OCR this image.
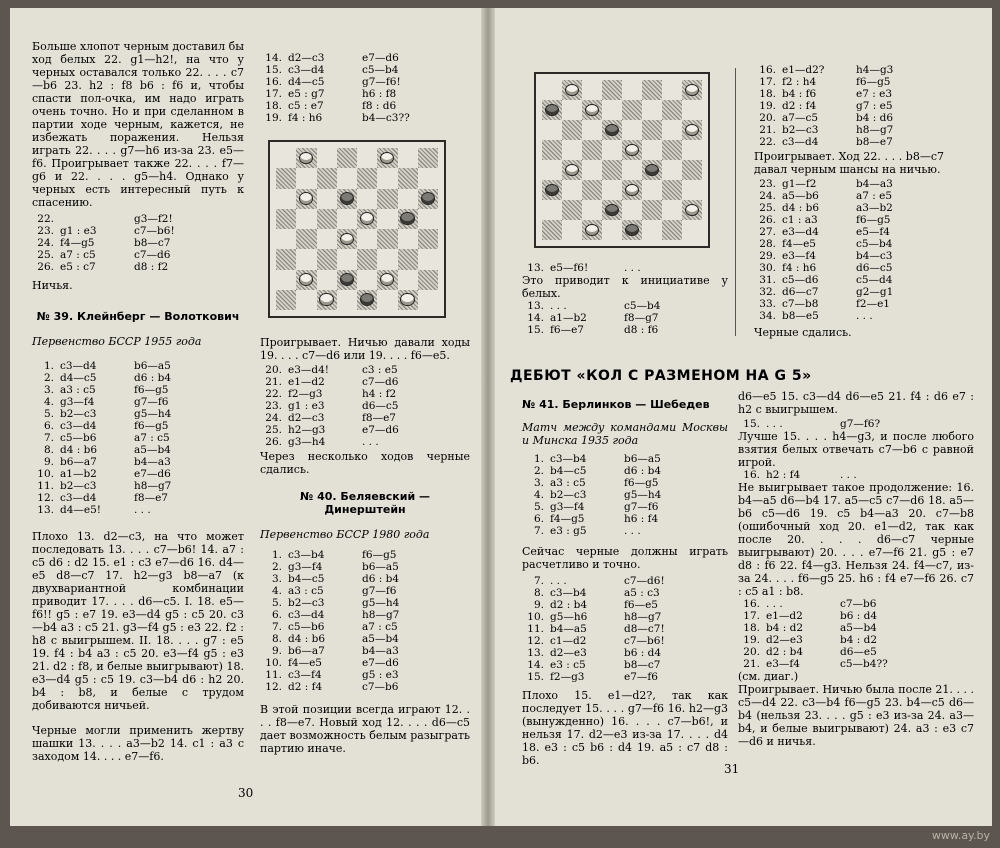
Больше хлопот черным доставил бы ход белых 22. g1—h2!, на что у черных оставался только 22. . . . c7—b6 23. h2 : f8 b6 : f6 и, чтобы спасти пол-очка, им надо играть очень точно. Но и при сделанном в партии ходе черным, кажется, не избежать поражения. Нельзя играть 22. . . . g7—h6 из-за 23. e5—f6. Проигрывает также 22. . . . f7—g6 и 22. . . . g5—h4. Однако у черных есть интересный путь к спасению.

22.	g3—f2!
23. g1 : e3	c7—b6!
24. f4—g5	b8—c7
25. a7 : c5	c7—d6
26. e5 : c7	d8 : f2

Ничья.

№ 39. Клейнберг — Волоткович

Первенство БССР 1955 года

1. c3—d4	b6—a5
2. d4—c5	d6 : b4
3. a3 : c5	f6—g5
4. g3—f4	g7—f6
5. b2—c3	g5—h4
6. c3—d4	f6—g5
7. c5—b6	a7 : c5
8. d4 : b6	a5—b4
9. b6—a7	b4—a3
10. a1—b2	e7—d6
11. b2—c3	h8—g7
12. c3—d4	f8—e7
13. d4—e5!	. . .

Плохо 13. d2—c3, на что может последовать 13. . . . c7—b6! 14. a7 : c5 d6 : d2 15. e1 : c3 e7—d6 16. d4—e5 d8—c7 17. h2—g3 b8—a7 (к двухвариантной комбинации приводит 17. . . . d6—c5. I. 18. e5—f6!! g5 : e7 19. e3—d4 g5 : c5 20. c3—b4 a3 : c5 21. g3—f4 g5 : e3 22. f2 : h8 с выигрышем. II. 18. . . . g7 : e5 19. f4 : b4 a3 : c5 20. e3—f4 g5 : e3 21. d2 : f8, и белые выигрывают) 18. e3—d4 g5 : c5 19. c3—b4 d6 : h2 20. b4 : b8, и белые с трудом добиваются ничьей.

Черные могли применить жертву шашки 13. . . . a3—b2 14. c1 : a3 с заходом 14. . . . e7—f6.

30
14. d2—c3	e7—d6
15. c3—d4	c5—b4
16. d4—c5	g7—f6!
17. e5 : g7	h6 : f8
18. c5 : e7	f8 : d6
19. f4 : h6	b4—c3??

Проигрывает. Ничью давали ходы 19. . . . c7—d6 или 19. . . . f6—e5.

20. e3—d4!	c3 : e5
21. e1—d2	c7—d6
22. f2—g3	h4 : f2
23. g1 : e3	d6—c5
24. d2—c3	f8—e7
25. h2—g3	e7—d6
26. g3—h4	. . .

Через несколько ходов черные сдались.

№ 40. Беляевский — Динерштейн

Первенство БССР 1980 года

1. c3—b4	f6—g5
2. g3—f4	b6—a5
3. b4—c5	d6 : b4
4. a3 : c5	g7—f6
5. b2—c3	g5—h4
6. c3—d4	h8—g7
7. c5—b6	a7 : c5
8. d4 : b6	a5—b4
9. b6—a7	b4—a3
10. f4—e5	e7—d6
11. c3—f4	g5 : e3
12. d2 : f4	c7—b6

В этой позиции всегда играют 12. . . . f8—e7. Новый ход 12. . . . d6—c5 дает возможность белым разыграть партию иначе.

13. e5—f6!	. . .

Это приводит к инициативе у белых.

13. . . .	c5—b4
14. a1—b2	f8—g7
15. f6—e7	d8 : f6

ДЕБЮТ «КОЛ С РАЗМЕНОМ НА G 5»

№ 41. Берлинков — Шебедев

Матч между командами Москвы и Минска 1935 года

1. c3—b4	b6—a5
2. b4—c5	d6 : b4
3. a3 : c5	f6—g5
4. b2—c3	g5—h4
5. g3—f4	g7—f6
6. f4—g5	h6 : f4
7. e3 : g5	. . .

Сейчас черные должны играть расчетливо и точно.

7. . . .	c7—d6!
8. c3—b4	a5 : c3
9. d2 : b4	f6—e5
10. g5—h6	h8—g7
11. b4—a5	d8—c7!
12. c1—d2	c7—b6!
13. d2—e3	b6 : d4
14. e3 : c5	b8—c7
15. f2—g3	e7—f6

Плохо 15. e1—d2?, так как последует 15. . . . g7—f6 16. h2—g3 (вынужденно) 16. . . . c7—b6!, и нельзя 17. d2—e3 из-за 17. . . . d4 18. e3 : c5 b6 : d4 19. a5 : c7 d8 : b6.

31
16. e1—d2?	h4—g3
17. f2 : h4	f6—g5
18. b4 : f6	e7 : e3
19. d2 : f4	g7 : e5
20. a7—c5	b4 : d6
21. b2—c3	h8—g7
22. c3—d4	b8—e7

Проигрывает. Ход 22. . . . b8—c7 давал черным шансы на ничью.

23. g1—f2	b4—a3
24. a5—b6	a7 : e5
25. d4 : b6	a3—b2
26. c1 : a3	f6—g5
27. e3—d4	e5—f4
28. f4—e5	c5—b4
29. e3—f4	b4—c3
30. f4 : h6	d6—c5
31. c5—d6	c5—d4
32. d6—c7	g2—g1
33. c7—b8	f2—e1
34. b8—e5	. . .

Черные сдались.

d6—e5 15. c3—d4 d6—e5 21. f4 : d6 e7 : h2 с выигрышем.

15. . . .	g7—f6?

Лучше 15. . . . h4—g3, и после любого взятия белых отвечать c7—b6 с равной игрой.

16. h2 : f4	. . .

Не выигрывает такое продолжение: 16. b4—a5 d6—b4 17. a5—c5 c7—d6 18. a5—b6 c5—d6 19. c5 b4—a3 20. c7—b8 (ошибочный ход 20. e1—d2, так как после 20. . . . d6—c7 черные выигрывают) 20. . . . e7—f6 21. g5 : e7 d8 : f6 22. f4—g3. Нельзя 24. f4—c7, из-за 24. . . . f6—g5 25. h6 : f4 e7—f6 26. c7 : c5 a1 : b8.

16. . . .	c7—b6
17. e1—d2	b6 : d4
18. b4 : d2	a5—b4
19. d2—e3	b4 : d2
20. d2 : b4	d6—e5
21. e3—f4	c5—b4??

(см. диаг.)

Проигрывает. Ничью была после 21. . . . c5—d4 22. c3—b4 f6—g5 23. b4—c5 d6—b4 (нельзя 23. . . . g5 : e3 из-за 24. a3—b4, и белые выигрывают) 24. a3 : e3 c7—d6 и ничья.

www.ay.by
